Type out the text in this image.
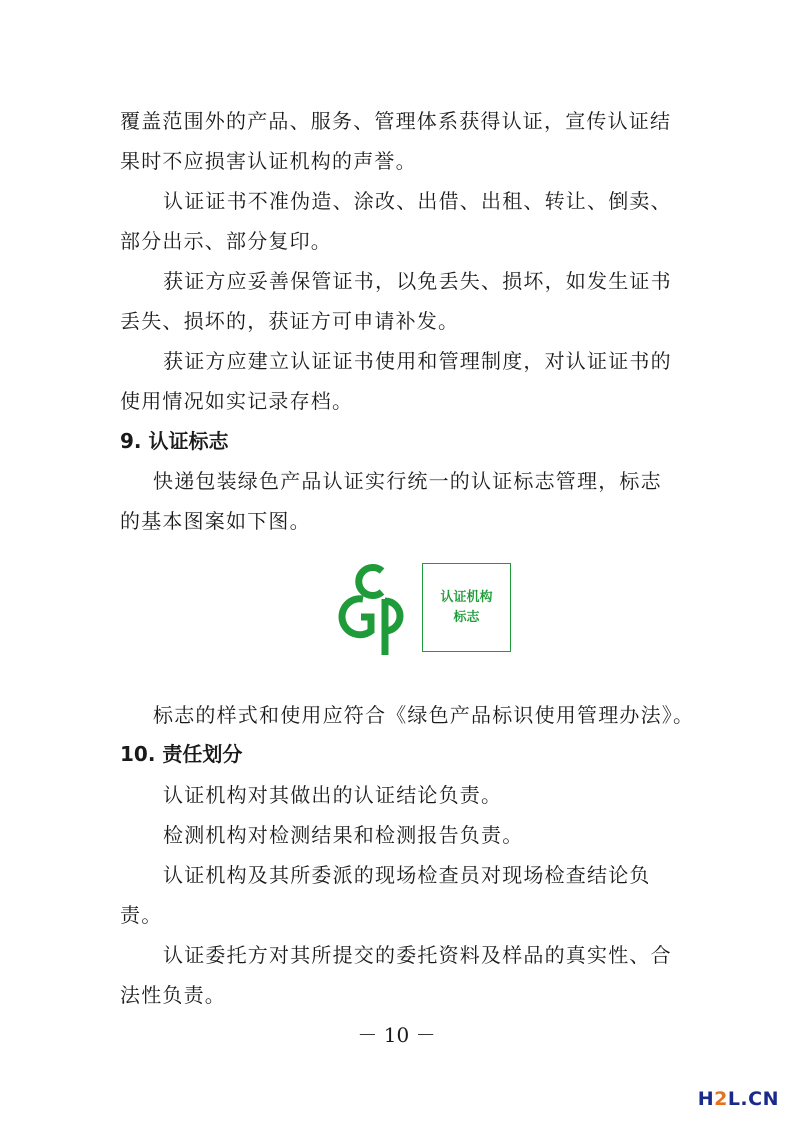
覆盖范围外的产品、服务、管理体系获得认证，宣传认证结
果时不应损害认证机构的声誉。
认证证书不准伪造、涂改、出借、出租、转让、倒卖、
部分出示、部分复印。
获证方应妥善保管证书，以免丢失、损坏，如发生证书
丢失、损坏的，获证方可申请补发。
获证方应建立认证证书使用和管理制度，对认证证书的
使用情况如实记录存档。
9. 认证标志
快递包装绿色产品认证实行统一的认证标志管理，标志
的基本图案如下图。
认证机构
标志
标志的样式和使用应符合《绿色产品标识使用管理办法》。
10. 责任划分
认证机构对其做出的认证结论负责。
检测机构对检测结果和检测报告负责。
认证机构及其所委派的现场检查员对现场检查结论负
责。
认证委托方对其所提交的委托资料及样品的真实性、合
法性负责。
－ 10 －
H2L.CN
